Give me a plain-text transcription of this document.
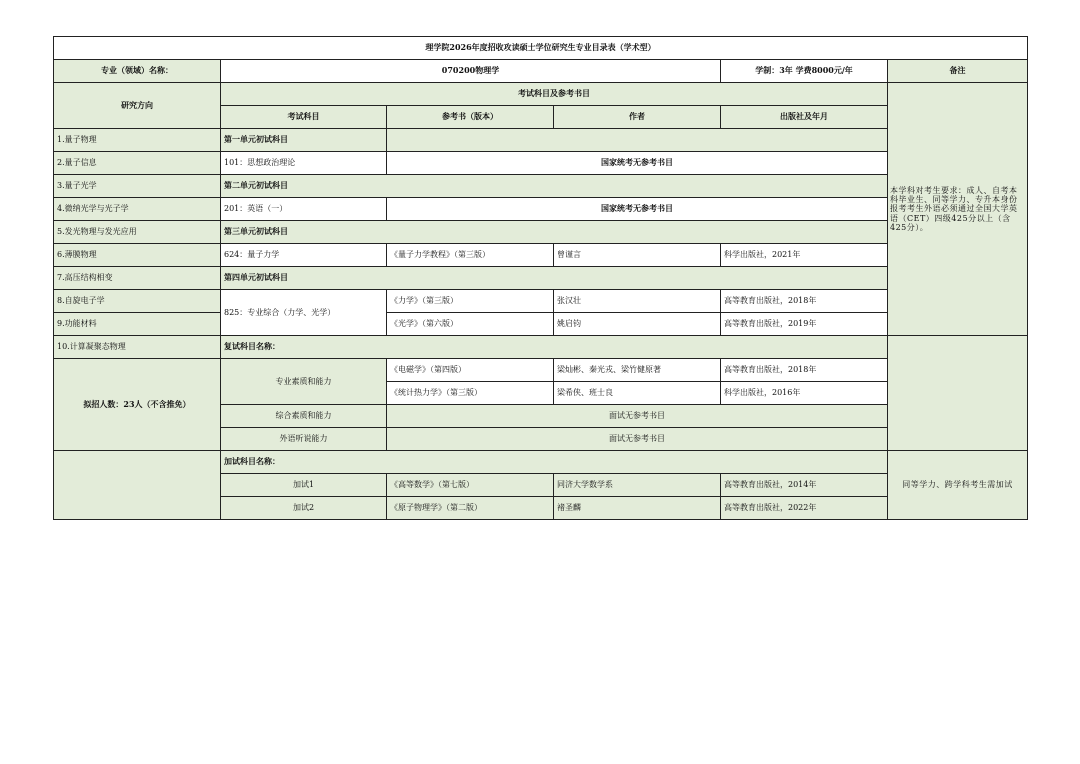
理学院2026年度招收攻读硕士学位研究生专业目录表（学术型）					
专业（领域）名称：	070200物理学			学制：3年 学费8000元/年	备注
研究方向	考试科目及参考书目				本学科对考生要求：成人、自考本科毕业生、同等学力、专升本身份报考考生外语必须通过全国大学英语（CET）四级425分以上（含425分）。
	考试科目	参考书（版本）	作者	出版社及年月	
1.量子物理	第一单元初试科目				
2.量子信息	101：思想政治理论	国家统考无参考书目			
3.量子光学	第二单元初试科目				
4.微纳光学与光子学	201：英语（一）	国家统考无参考书目			
5.发光物理与发光应用	第三单元初试科目				
6.薄膜物理	624：量子力学	《量子力学教程》（第三版）	曾谨言	科学出版社，2021年	
7.高压结构相变	第四单元初试科目				
8.自旋电子学	825：专业综合（力学、光学）	《力学》（第三版）	张汉壮	高等教育出版社，2018年	
9.功能材料		《光学》（第六版）	姚启钧	高等教育出版社，2019年	
10.计算凝聚态物理	复试科目名称：				
拟招人数：23人（不含推免）	专业素质和能力	《电磁学》（第四版）	梁灿彬、秦光戎、梁竹健原著	高等教育出版社，2018年	
		《统计热力学》（第三版）	梁希侠、班士良	科学出版社，2016年	
	综合素质和能力	面试无参考书目			
	外语听说能力	面试无参考书目			
	加试科目名称：				同等学力、跨学科考生需加试
	加试1	《高等数学》（第七版）	同济大学数学系	高等教育出版社，2014年	
	加试2	《原子物理学》（第二版）	褚圣麟	高等教育出版社，2022年	
